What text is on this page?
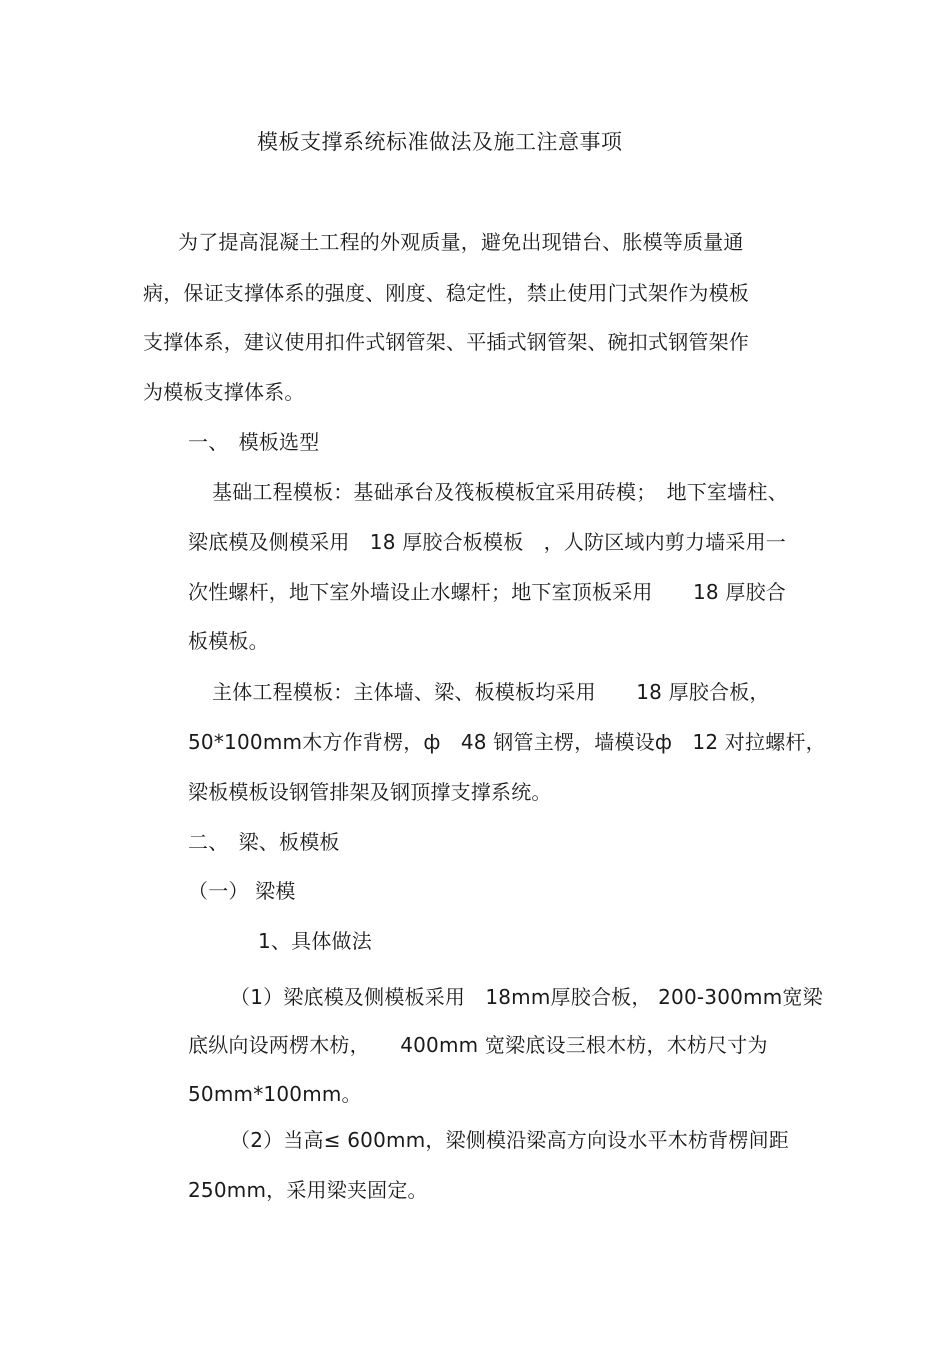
模板支撑系统标准做法及施工注意事项
为了提高混凝土工程的外观质量，避免出现错台、胀模等质量通
病，保证支撑体系的强度、刚度、稳定性，禁止使用门式架作为模板
支撑体系，建议使用扣件式钢管架、平插式钢管架、碗扣式钢管架作
为模板支撑体系。
一、　模板选型
基础工程模板：基础承台及筏板模板宜采用砖模；　地下室墙柱、
梁底模及侧模采用　18 厚胶合板模板　，人防区域内剪力墙采用一
次性螺杆，地下室外墙设止水螺杆；地下室顶板采用　　18 厚胶合
板模板。
主体工程模板：主体墙、梁、板模板均采用　　18 厚胶合板，
50*100mm木方作背楞，ф　48 钢管主楞，墙模设ф　12 对拉螺杆，
梁板模板设钢管排架及钢顶撑支撑系统。
二、　梁、板模板
（一） 梁模
1、具体做法
（1）梁底模及侧模板采用　18mm厚胶合板， 200-300mm宽梁
底纵向设两楞木枋，　　400mm 宽梁底设三根木枋，木枋尺寸为
50mm*100mm。
（2）当高≤ 600mm，梁侧模沿梁高方向设水平木枋背楞间距
250mm，采用梁夹固定。
